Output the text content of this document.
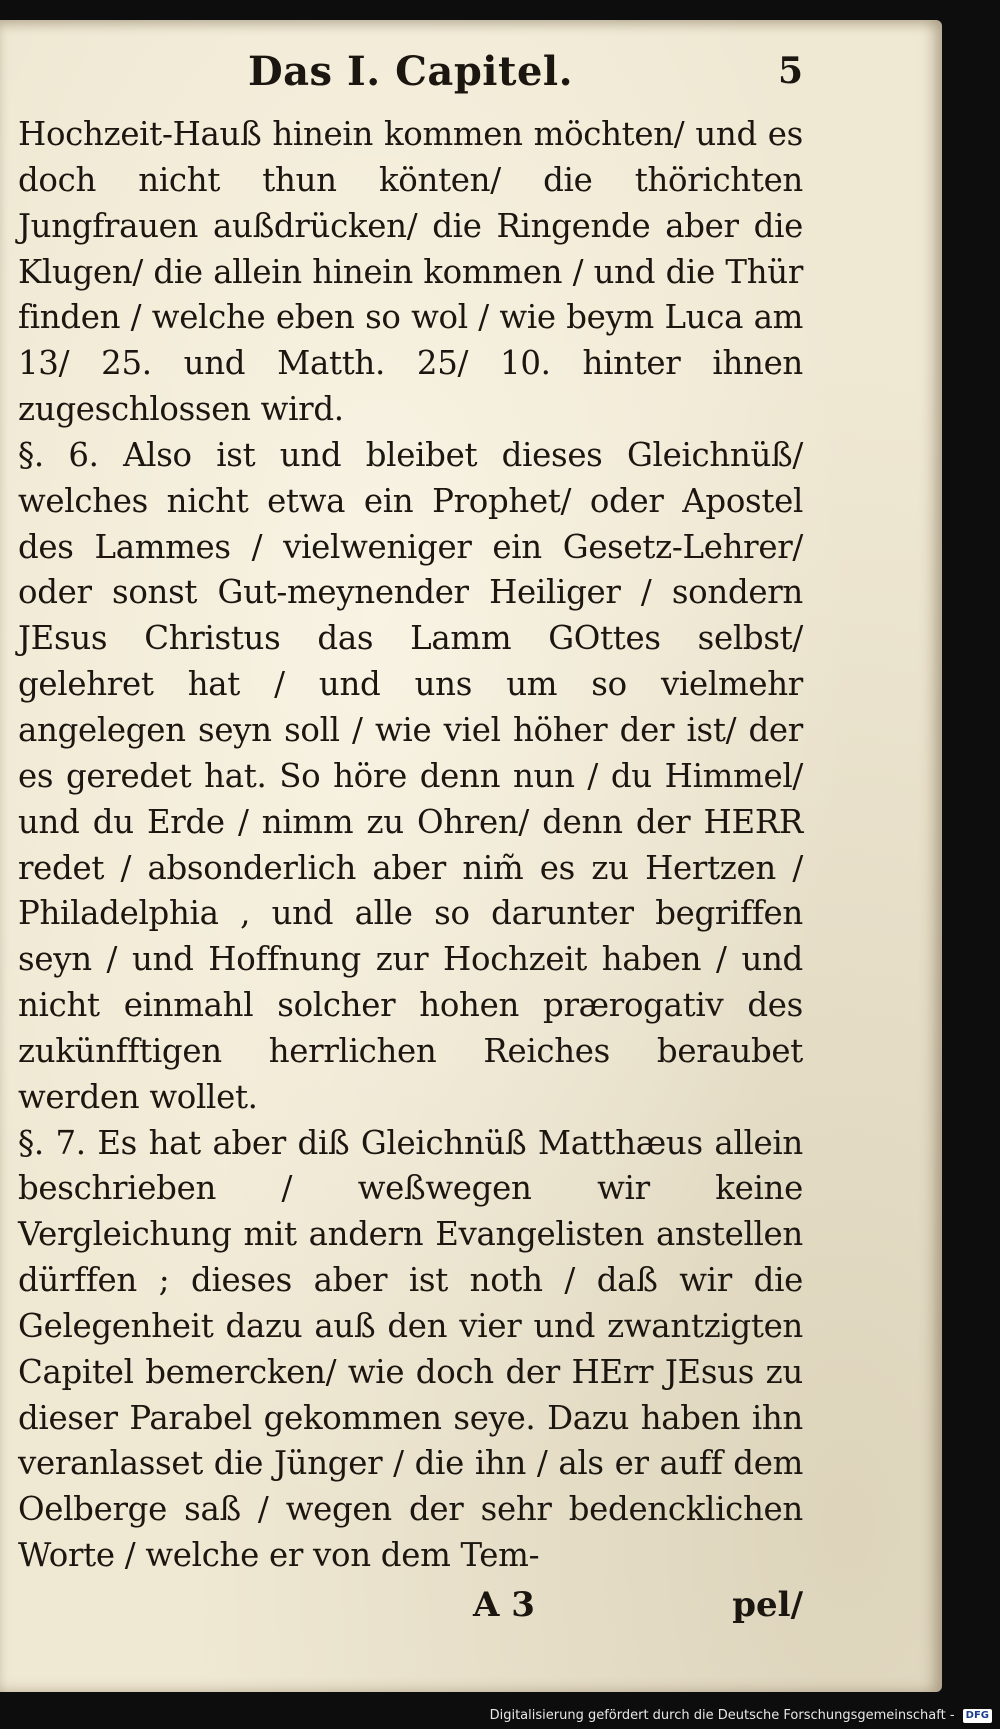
Das I. Capitel.	5

Hochzeit-Hauß hinein kommen möchten/ und es doch nicht thun könten/ die thörichten Jungfrauen außdrücken/ die Ringende aber die Klugen/ die allein hinein kommen / und die Thür finden / welche eben so wol / wie beym Luca am 13/ 25. und Matth. 25/ 10. hinter ihnen zugeschlossen wird.

§. 6. Also ist und bleibet dieses Gleichnüß/ welches nicht etwa ein Prophet/ oder Apostel des Lammes / vielweniger ein Gesetz-Lehrer/ oder sonst Gut-meynender Heiliger / sondern JEsus Christus das Lamm GOttes selbst/ gelehret hat / und uns um so vielmehr angelegen seyn soll / wie viel höher der ist/ der es geredet hat. So höre denn nun / du Himmel/ und du Erde / nimm zu Ohren/ denn der HERR redet / absonderlich aber nim̃ es zu Hertzen / Philadelphia , und alle so darunter begriffen seyn / und Hoffnung zur Hochzeit haben / und nicht einmahl solcher hohen prærogativ des zukünfftigen herrlichen Reiches beraubet werden wollet.

§. 7. Es hat aber diß Gleichnüß Matthæus allein beschrieben / weßwegen wir keine Vergleichung mit andern Evangelisten anstellen dürffen ; dieses aber ist noth / daß wir die Gelegenheit dazu auß den vier und zwantzigten Capitel bemercken/ wie doch der HErr JEsus zu dieser Parabel gekommen seye. Dazu haben ihn veranlasset die Jünger / die ihn / als er auff dem Oelberge saß / wegen der sehr bedencklichen Worte / welche er von dem Tem-

A 3	pel/
Digitalisierung gefördert durch die Deutsche Forschungsgemeinschaft - DFG
